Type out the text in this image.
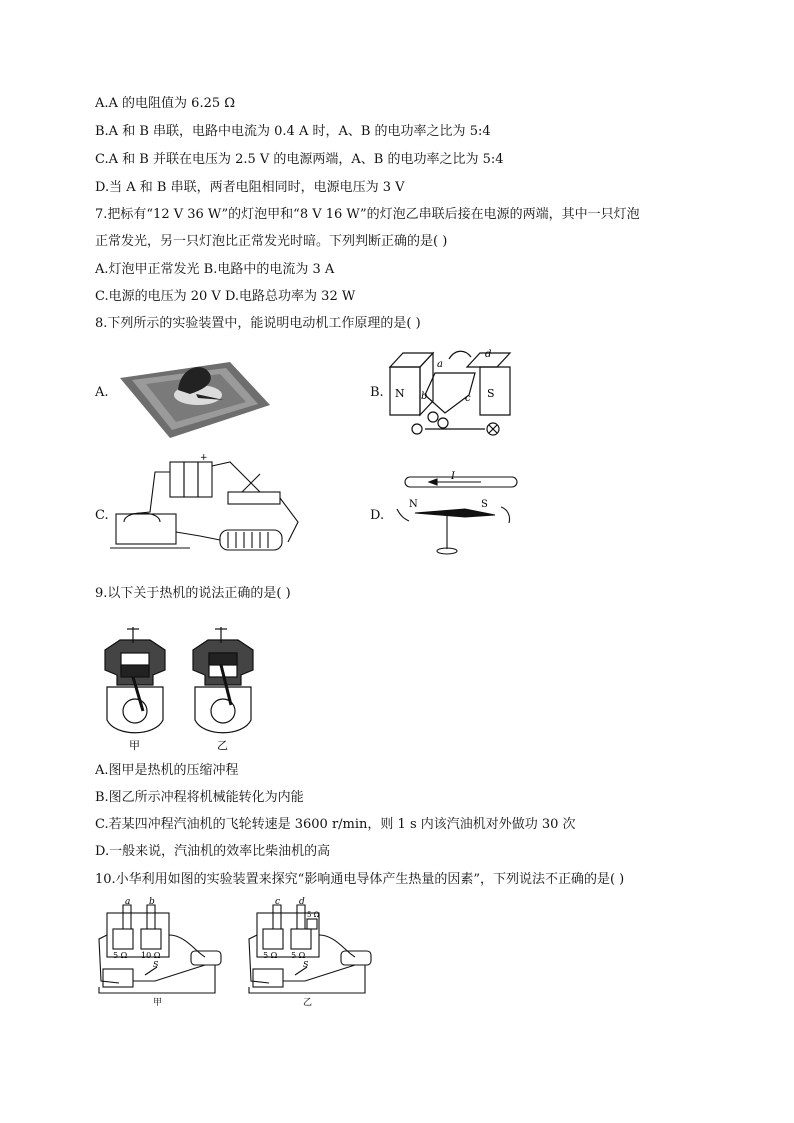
A.A 的电阻值为 6.25 Ω
B.A 和 B 串联，电路中电流为 0.4 A 时，A、B 的电功率之比为 5:4
C.A 和 B 并联在电压为 2.5 V 的电源两端，A、B 的电功率之比为 5:4
D.当 A 和 B 串联，两者电阻相同时，电源电压为 3 V
7.把标有“12 V 36 W”的灯泡甲和“8 V 16 W”的灯泡乙串联后接在电源的两端，其中一只灯泡
正常发光，另一只灯泡比正常发光时暗。下列判断正确的是( )
A.灯泡甲正常发光 B.电路中的电流为 3 A
C.电源的电压为 20 V D.电路总功率为 32 W
8.下列所示的实验装置中，能说明电动机工作原理的是( )
A.	B. N	S
a
b	c
d
C.
+
D.
I
N	S
9.以下关于热机的说法正确的是( )
甲	乙
A.图甲是热机的压缩冲程
B.图乙所示冲程将机械能转化为内能
C.若某四冲程汽油机的飞轮转速是 3600 r/min，则 1 s 内该汽油机对外做功 30 次
D.一般来说，汽油机的效率比柴油机的高
10.小华利用如图的实验装置来探究“影响通电导体产生热量的因素”，下列说法不正确的是( )
a b
5 Ω 10 Ω
S
甲
c d
5 Ω 5 Ω
5 Ω
S
乙
